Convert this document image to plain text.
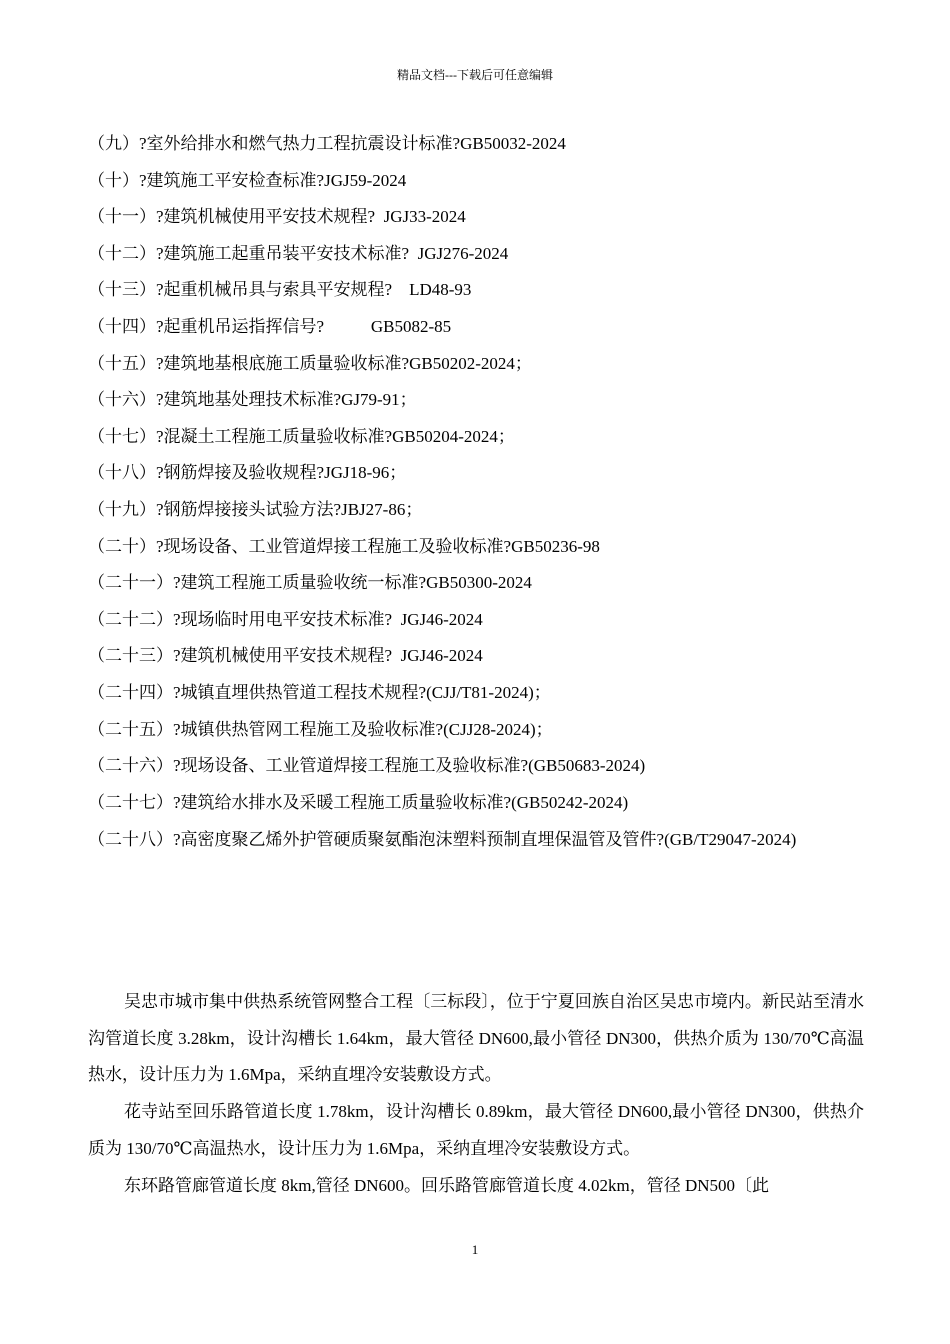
精品文档---下载后可任意编辑
（九）?室外给排水和燃气热力工程抗震设计标准?GB50032-2024
（十）?建筑施工平安检查标准?JGJ59-2024
（十一）?建筑机械使用平安技术规程?  JGJ33-2024
（十二）?建筑施工起重吊装平安技术标准?  JGJ276-2024
（十三）?起重机械吊具与索具平安规程?    LD48-93
（十四）?起重机吊运指挥信号?           GB5082-85
（十五）?建筑地基根底施工质量验收标准?GB50202-2024；
（十六）?建筑地基处理技术标准?GJ79-91；
（十七）?混凝土工程施工质量验收标准?GB50204-2024；
（十八）?钢筋焊接及验收规程?JGJ18-96；
（十九）?钢筋焊接接头试验方法?JBJ27-86；
（二十）?现场设备、工业管道焊接工程施工及验收标准?GB50236-98
（二十一）?建筑工程施工质量验收统一标准?GB50300-2024
（二十二）?现场临时用电平安技术标准?  JGJ46-2024
（二十三）?建筑机械使用平安技术规程?  JGJ46-2024
（二十四）?城镇直埋供热管道工程技术规程?(CJJ/T81-2024)；
（二十五）?城镇供热管网工程施工及验收标准?(CJJ28-2024)；
（二十六）?现场设备、工业管道焊接工程施工及验收标准?(GB50683-2024)
（二十七）?建筑给水排水及采暖工程施工质量验收标准?(GB50242-2024)
（二十八）?高密度聚乙烯外护管硬质聚氨酯泡沫塑料预制直埋保温管及管件?(GB/T29047-2024)

吴忠市城市集中供热系统管网整合工程〔三标段〕，位于宁夏回族自治区吴忠市境内。新民站至清水沟管道长度 3.28km，设计沟槽长 1.64km，最大管径 DN600,最小管径 DN300，供热介质为 130/70℃高温热水，设计压力为 1.6Mpa，采纳直埋冷安装敷设方式。

花寺站至回乐路管道长度 1.78km，设计沟槽长 0.89km，最大管径 DN600,最小管径 DN300，供热介质为 130/70℃高温热水，设计压力为 1.6Mpa，采纳直埋冷安装敷设方式。

东环路管廊管道长度 8km,管径 DN600。回乐路管廊管道长度 4.02km，管径 DN500〔此

1
